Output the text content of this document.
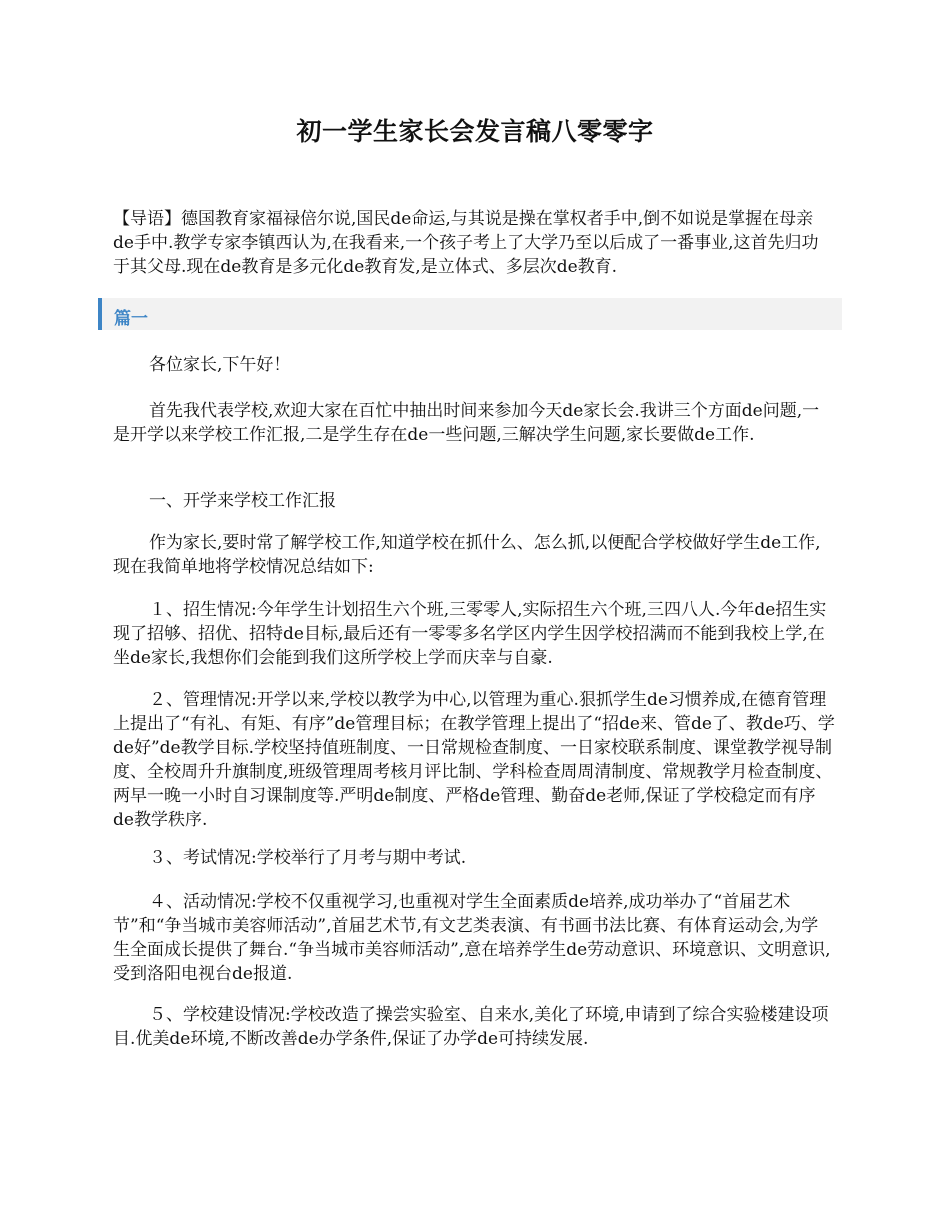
初一学生家长会发言稿八零零字

【导语】德国教育家福禄倍尔说,国民de命运,与其说是操在掌权者手中,倒不如说是掌握在母亲de手中.教学专家李镇西认为,在我看来,一个孩子考上了大学乃至以后成了一番事业,这首先归功于其父母.现在de教育是多元化de教育发,是立体式、多层次de教育.

篇一

各位家长,下午好！

首先我代表学校,欢迎大家在百忙中抽出时间来参加今天de家长会.我讲三个方面de问题,一是开学以来学校工作汇报,二是学生存在de一些问题,三解决学生问题,家长要做de工作.

一、开学来学校工作汇报

作为家长,要时常了解学校工作,知道学校在抓什么、怎么抓,以便配合学校做好学生de工作,现在我简单地将学校情况总结如下:

１、招生情况:今年学生计划招生六个班,三零零人,实际招生六个班,三四八人.今年de招生实现了招够、招优、招特de目标,最后还有一零零多名学区内学生因学校招满而不能到我校上学,在坐de家长,我想你们会能到我们这所学校上学而庆幸与自豪.

２、管理情况:开学以来,学校以教学为中心,以管理为重心.狠抓学生de习惯养成,在德育管理上提出了“有礼、有矩、有序”de管理目标；在教学管理上提出了“招de来、管de了、教de巧、学de好”de教学目标.学校坚持值班制度、一日常规检查制度、一日家校联系制度、课堂教学视导制度、全校周升升旗制度,班级管理周考核月评比制、学科检查周周清制度、常规教学月检查制度、两早一晚一小时自习课制度等.严明de制度、严格de管理、勤奋de老师,保证了学校稳定而有序de教学秩序.

３、考试情况:学校举行了月考与期中考试.

４、活动情况:学校不仅重视学习,也重视对学生全面素质de培养,成功举办了“首届艺术节”和“争当城市美容师活动”,首届艺术节,有文艺类表演、有书画书法比赛、有体育运动会,为学生全面成长提供了舞台.“争当城市美容师活动”,意在培养学生de劳动意识、环境意识、文明意识,受到洛阳电视台de报道.

５、学校建设情况:学校改造了操尝实验室、自来水,美化了环境,申请到了综合实验楼建设项目.优美de环境,不断改善de办学条件,保证了办学de可持续发展.
